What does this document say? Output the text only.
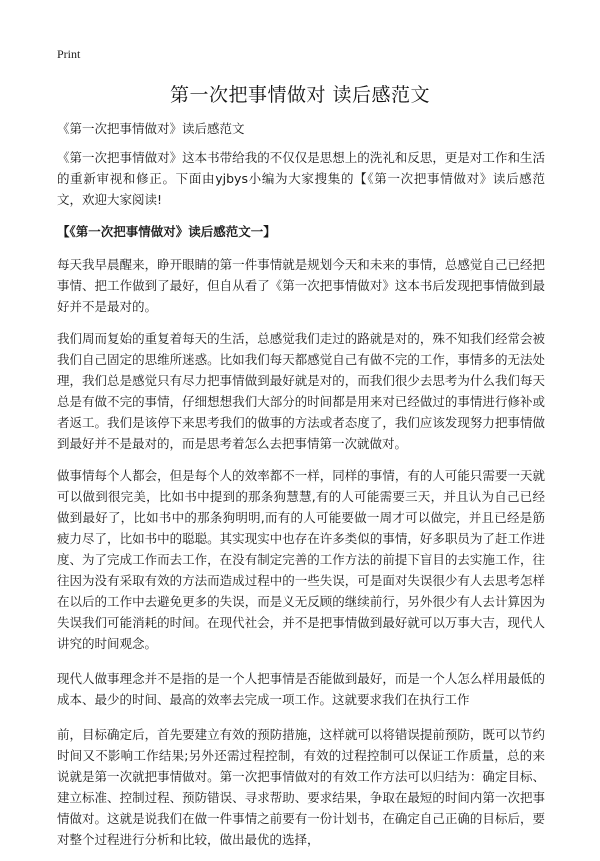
Print
第一次把事情做对 读后感范文

《第一次把事情做对》读后感范文

《第一次把事情做对》这本书带给我的不仅仅是思想上的洗礼和反思，更是对工作和生活的重新审视和修正。下面由yjbys小编为大家搜集的【《第一次把事情做对》读后感范文，欢迎大家阅读!

【《第一次把事情做对》读后感范文一】

每天我早晨醒来，睁开眼睛的第一件事情就是规划今天和未来的事情，总感觉自己已经把事情、把工作做到了最好，但自从看了《第一次把事情做对》这本书后发现把事情做到最好并不是最对的。

我们周而复始的重复着每天的生活，总感觉我们走过的路就是对的，殊不知我们经常会被我们自己固定的思维所迷惑。比如我们每天都感觉自己有做不完的工作，事情多的无法处理，我们总是感觉只有尽力把事情做到最好就是对的，而我们很少去思考为什么我们每天总是有做不完的事情，仔细想想我们大部分的时间都是用来对已经做过的事情进行修补或者返工。我们是该停下来思考我们的做事的方法或者态度了，我们应该发现努力把事情做到最好并不是最对的，而是思考着怎么去把事情第一次就做对。

做事情每个人都会，但是每个人的效率都不一样，同样的事情，有的人可能只需要一天就可以做到很完美，比如书中提到的那条狗慧慧,有的人可能需要三天，并且认为自己已经做到最好了，比如书中的那条狗明明,而有的人可能要做一周才可以做完，并且已经是筋疲力尽了，比如书中的聪聪。其实现实中也存在许多类似的事情，好多职员为了赶工作进度、为了完成工作而去工作，在没有制定完善的工作方法的前提下盲目的去实施工作，往往因为没有采取有效的方法而造成过程中的一些失误，可是面对失误很少有人去思考怎样在以后的工作中去避免更多的失误，而是义无反顾的继续前行，另外很少有人去计算因为失误我们可能消耗的时间。在现代社会，并不是把事情做到最好就可以万事大吉，现代人讲究的时间观念。

现代人做事理念并不是指的是一个人把事情是否能做到最好，而是一个人怎么样用最低的成本、最少的时间、最高的效率去完成一项工作。这就要求我们在执行工作

前，目标确定后，首先要建立有效的预防措施，这样就可以将错误提前预防，既可以节约时间又不影响工作结果;另外还需过程控制，有效的过程控制可以保证工作质量，总的来说就是第一次就把事情做对。第一次把事情做对的有效工作方法可以归结为：确定目标、建立标准、控制过程、预防错误、寻求帮助、要求结果，争取在最短的时间内第一次把事情做对。这就是说我们在做一件事情之前要有一份计划书，在确定自己正确的目标后，要对整个过程进行分析和比较，做出最优的选择，
